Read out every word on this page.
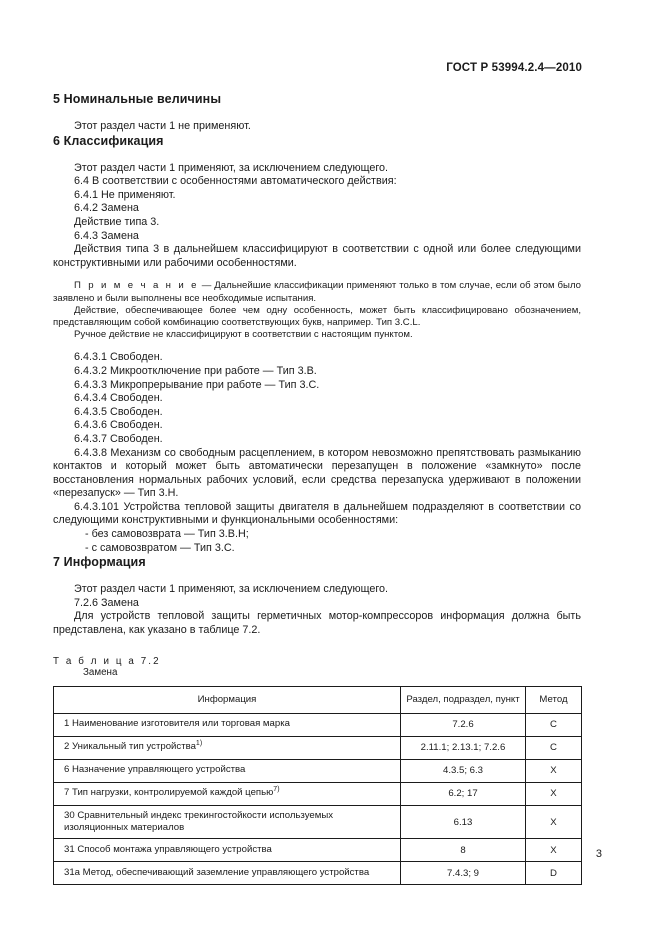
ГОСТ Р 53994.2.4—2010
5 Номинальные величины

Этот раздел части 1 не применяют.

6 Классификация

Этот раздел части 1 применяют, за исключением следующего.

6.4 В соответствии с особенностями автоматического действия:

6.4.1 Не применяют.

6.4.2 Замена

Действие типа 3.

6.4.3 Замена

Действия типа 3 в дальнейшем классифицируют в соответствии с одной или более следующими конструктивными или рабочими особенностями.

П р и м е ч а н и е — Дальнейшие классификации применяют только в том случае, если об этом было заявлено и были выполнены все необходимые испытания.

Действие, обеспечивающее более чем одну особенность, может быть классифицировано обозначением, представляющим собой комбинацию соответствующих букв, например. Тип 3.C.L.

Ручное действие не классифицируют в соответствии с настоящим пунктом.

6.4.3.1 Свободен.

6.4.3.2 Микроотключение при работе — Тип 3.B.

6.4.3.3 Микропрерывание при работе — Тип 3.C.

6.4.3.4 Свободен.

6.4.3.5 Свободен.

6.4.3.6 Свободен.

6.4.3.7 Свободен.

6.4.3.8 Механизм со свободным расцеплением, в котором невозможно препятствовать размыканию контактов и который может быть автоматически перезапущен в положение «замкнуто» после восстановления нормальных рабочих условий, если средства перезапуска удерживают в положении «перезапуск» — Тип 3.H.

6.4.3.101 Устройства тепловой защиты двигателя в дальнейшем подразделяют в соответствии со следующими конструктивными и функциональными особенностями:

- без самовозврата — Тип 3.B.H;

- с самовозвратом — Тип 3.C.

7 Информация

Этот раздел части 1 применяют, за исключением следующего.

7.2.6 Замена

Для устройств тепловой защиты герметичных мотор-компрессоров информация должна быть представлена, как указано в таблице 7.2.

Т а б л и ц а 7.2

Замена

Информация	Раздел, подраздел, пункт	Метод
1 Наименование изготовителя или торговая марка	7.2.6	C
2 Уникальный тип устройства$^{1)}$	2.11.1; 2.13.1; 7.2.6	C
6 Назначение управляющего устройства	4.3.5; 6.3	X
7 Тип нагрузки, контролируемой каждой цепью$^{7)}$	6.2; 17	X
30 Сравнительный индекс трекингостойкости используемых изоляционных материалов	6.13	X
31 Способ монтажа управляющего устройства	8	X
31a Метод, обеспечивающий заземление управляющего устройства	7.4.3; 9	D
3
